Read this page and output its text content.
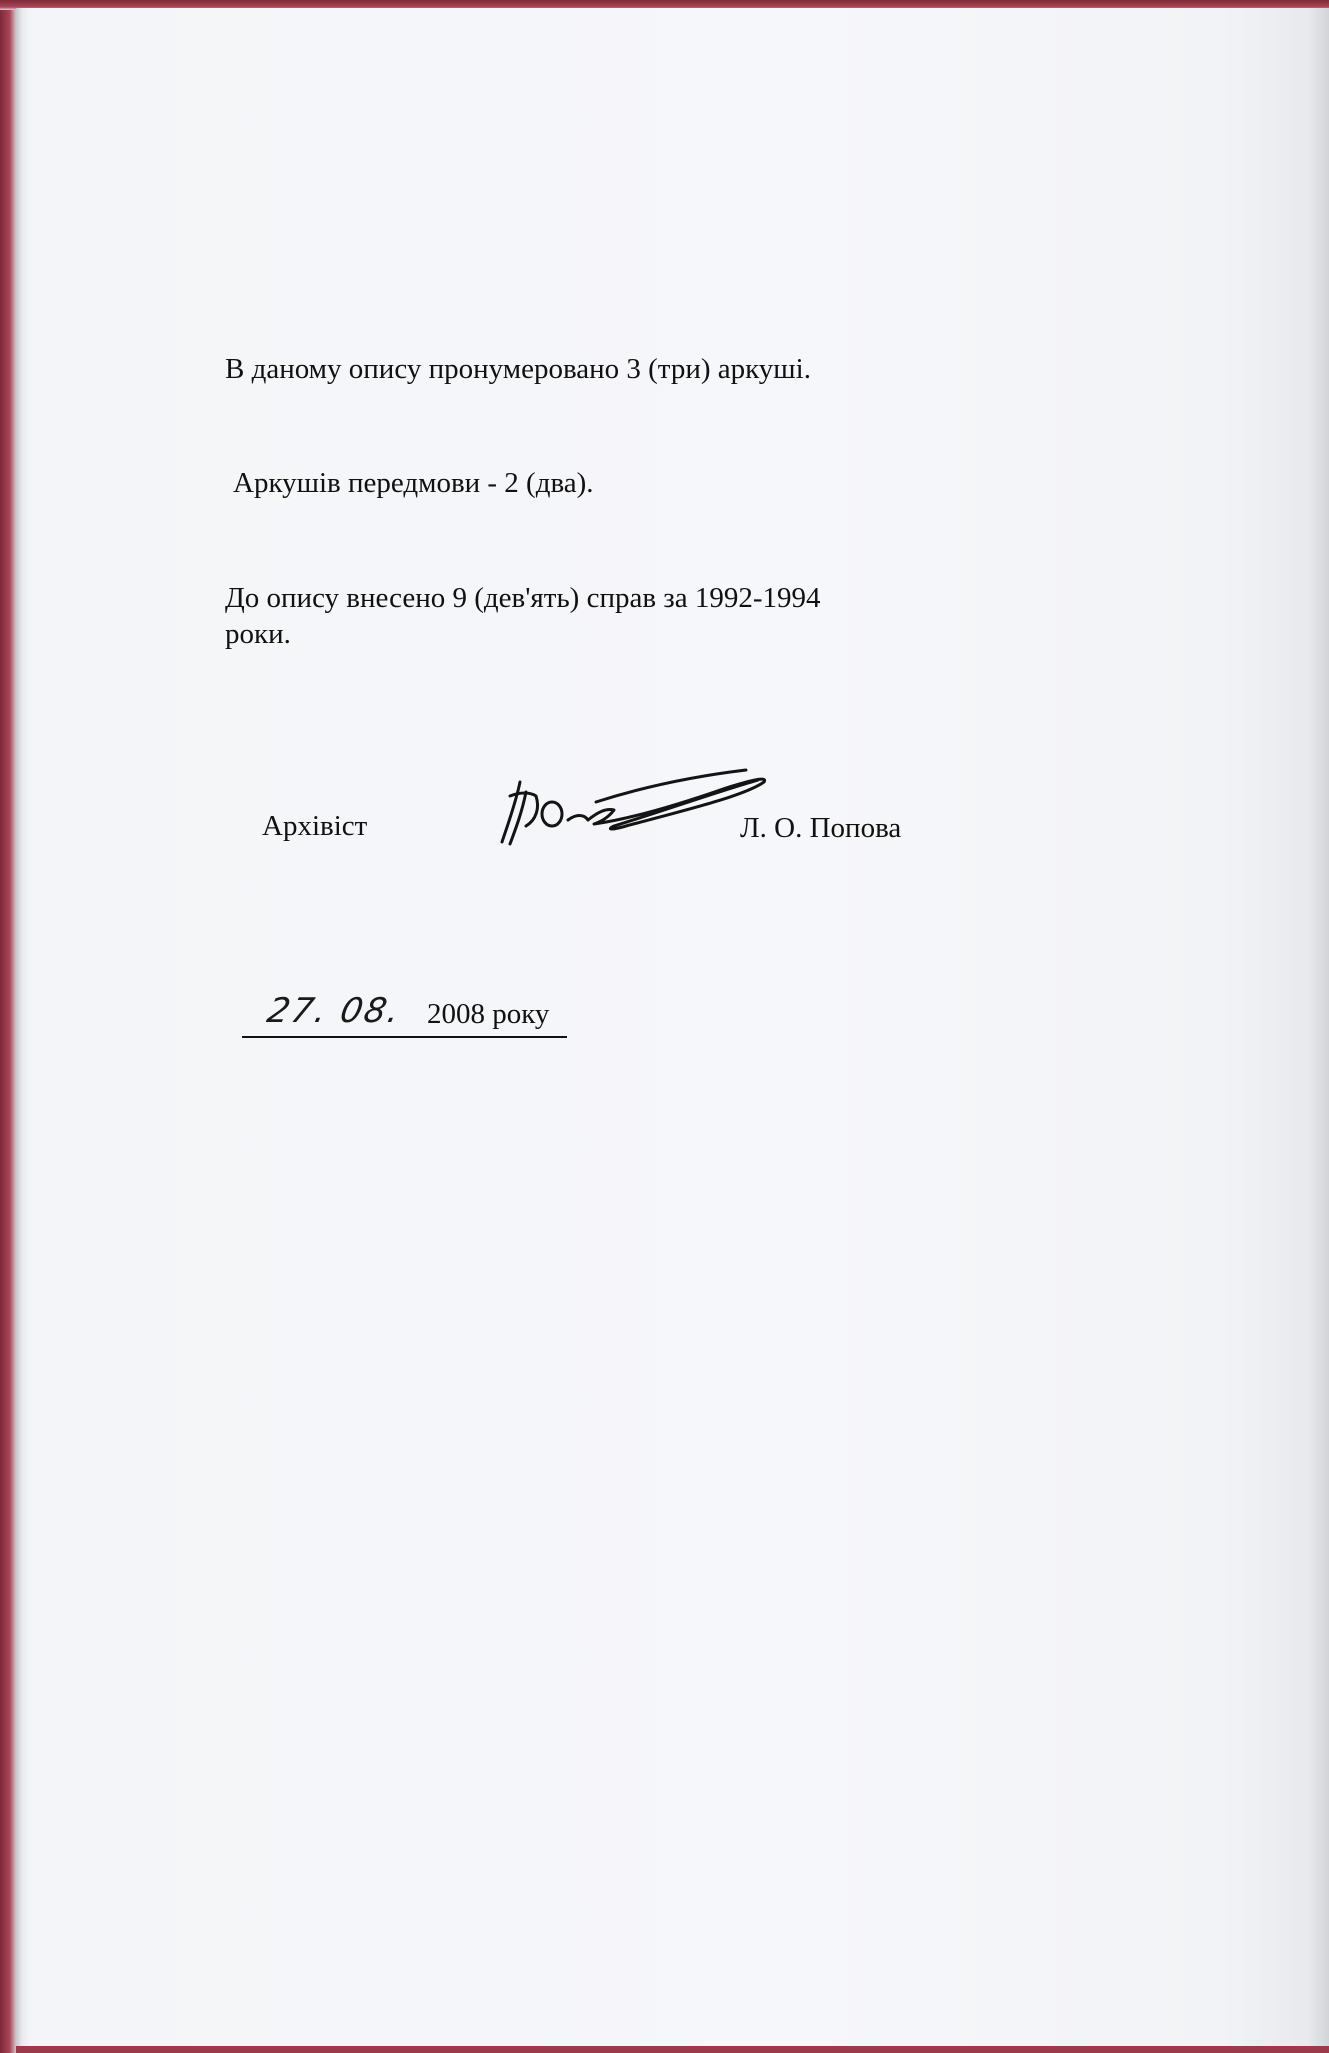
В даному опису пронумеровано 3 (три) аркуші.
Аркушів передмови - 2 (два).
До опису внесено 9 (дев'ять) справ за 1992-1994
роки.
Архівіст	Л. О. Попова
27. 08. 2008 року
